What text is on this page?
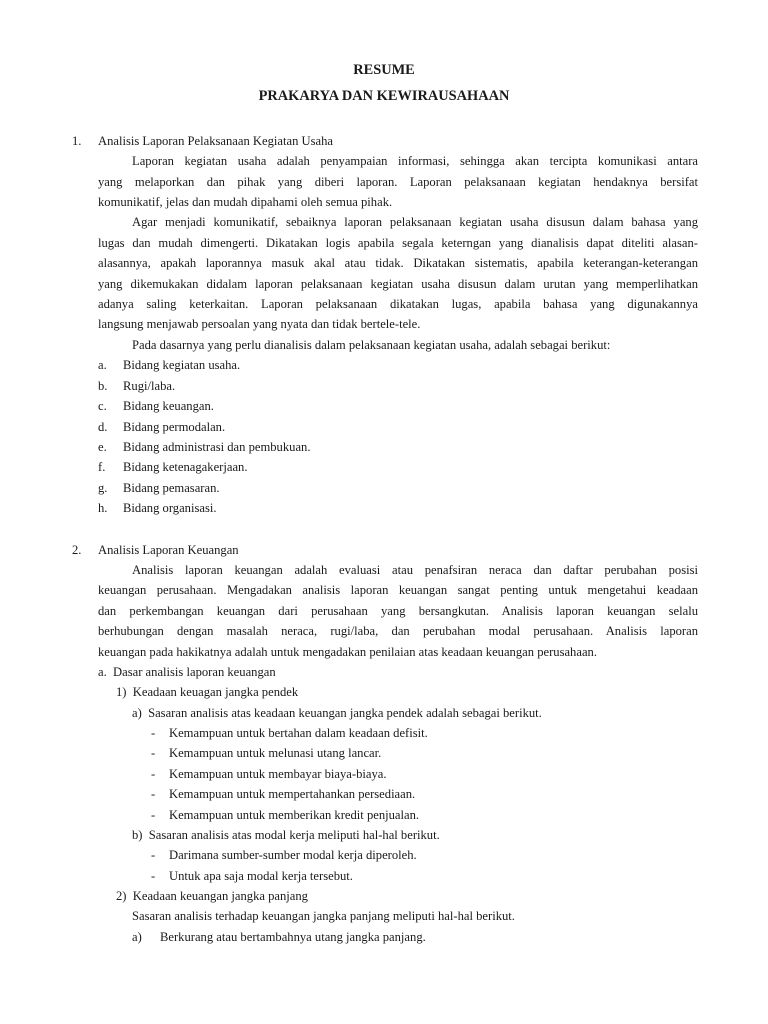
RESUME
PRAKARYA DAN KEWIRAUSAHAAN
1. Analisis Laporan Pelaksanaan Kegiatan Usaha
Laporan kegiatan usaha adalah penyampaian informasi, sehingga akan tercipta komunikasi antara
yang melaporkan dan pihak yang diberi laporan. Laporan pelaksanaan kegiatan hendaknya bersifat
komunikatif, jelas dan mudah dipahami oleh semua pihak.
Agar menjadi komunikatif, sebaiknya laporan pelaksanaan kegiatan usaha disusun dalam bahasa yang
lugas dan mudah dimengerti. Dikatakan logis apabila segala keterngan yang dianalisis dapat diteliti alasan-
alasannya, apakah laporannya masuk akal atau tidak. Dikatakan sistematis, apabila keterangan-keterangan
yang dikemukakan didalam laporan pelaksanaan kegiatan usaha disusun dalam urutan yang memperlihatkan
adanya saling keterkaitan. Laporan pelaksanaan dikatakan lugas, apabila bahasa yang digunakannya
langsung menjawab persoalan yang nyata dan tidak bertele-tele.
Pada dasarnya yang perlu dianalisis dalam pelaksanaan kegiatan usaha, adalah sebagai berikut:
a. Bidang kegiatan usaha.
b. Rugi/laba.
c. Bidang keuangan.
d. Bidang permodalan.
e. Bidang administrasi dan pembukuan.
f. Bidang ketenagakerjaan.
g. Bidang pemasaran.
h. Bidang organisasi.
2. Analisis Laporan Keuangan
Analisis laporan keuangan adalah evaluasi atau penafsiran neraca dan daftar perubahan posisi
keuangan perusahaan. Mengadakan analisis laporan keuangan sangat penting untuk mengetahui keadaan
dan perkembangan keuangan dari perusahaan yang bersangkutan. Analisis laporan keuangan selalu
berhubungan dengan masalah neraca, rugi/laba, dan perubahan modal perusahaan. Analisis laporan
keuangan pada hakikatnya adalah untuk mengadakan penilaian atas keadaan keuangan perusahaan.
a.  Dasar analisis laporan keuangan
1)  Keadaan keuagan jangka pendek
a)  Sasaran analisis atas keadaan keuangan jangka pendek adalah sebagai berikut.
- Kemampuan untuk bertahan dalam keadaan defisit.
- Kemampuan untuk melunasi utang lancar.
- Kemampuan untuk membayar biaya-biaya.
- Kemampuan untuk mempertahankan persediaan.
- Kemampuan untuk memberikan kredit penjualan.
b)  Sasaran analisis atas modal kerja meliputi hal-hal berikut.
- Darimana sumber-sumber modal kerja diperoleh.
- Untuk apa saja modal kerja tersebut.
2)  Keadaan keuangan jangka panjang
Sasaran analisis terhadap keuangan jangka panjang meliputi hal-hal berikut.
a) Berkurang atau bertambahnya utang jangka panjang.
